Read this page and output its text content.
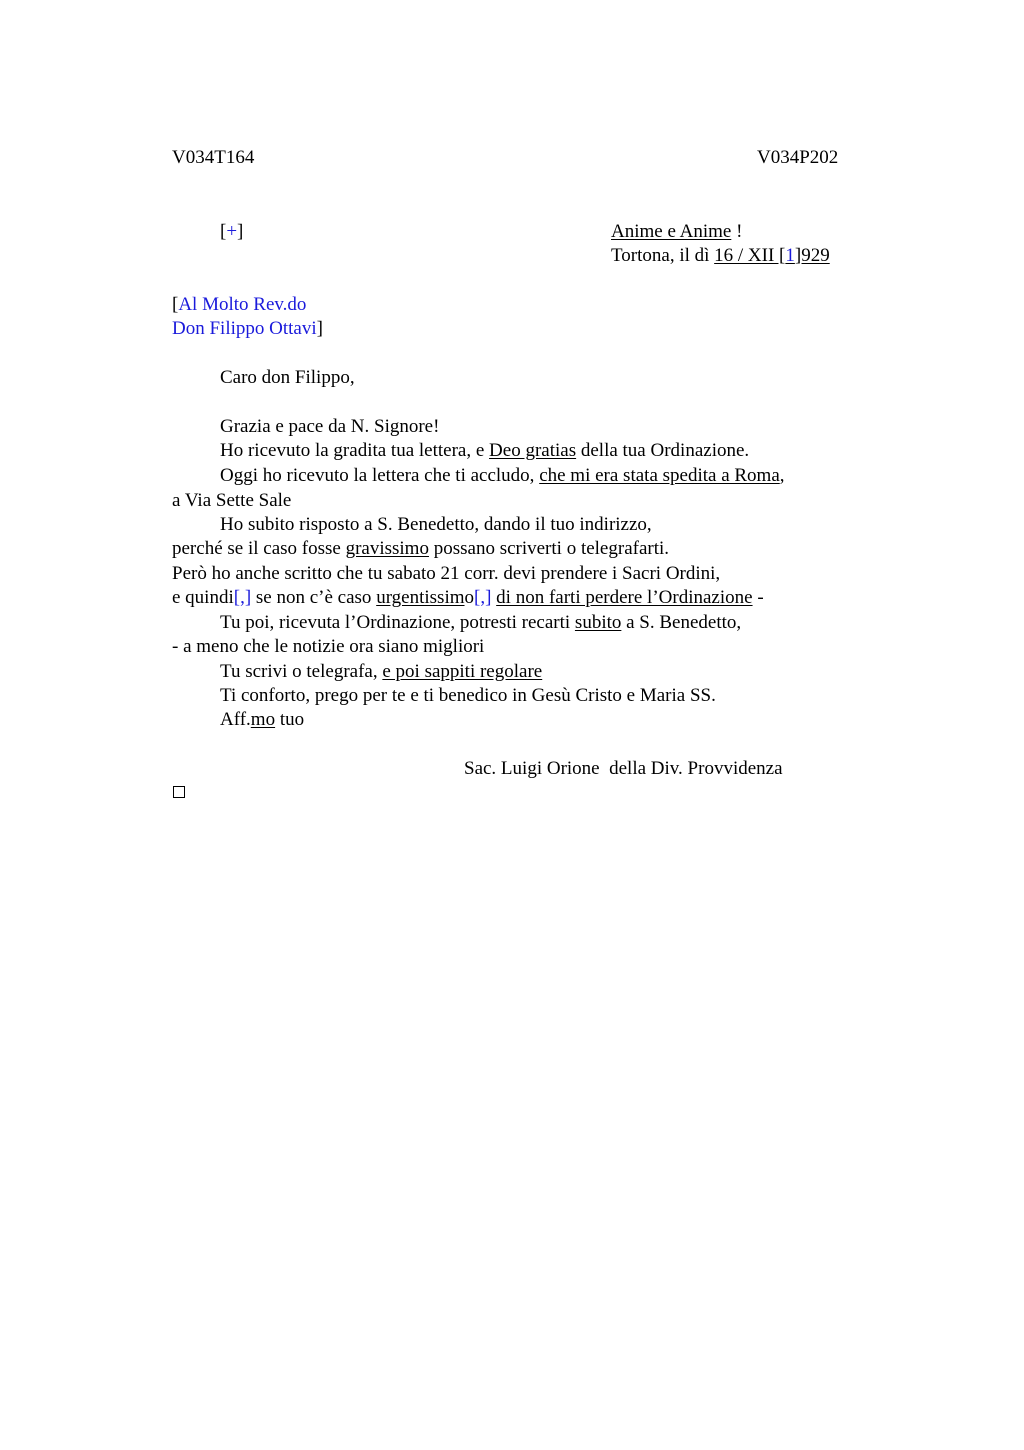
V034T164	V034P202
[+]	Anime e Anime !
Tortona, il dì 16 / XII [1]929
[Al Molto Rev.do
Don Filippo Ottavi]
Caro don Filippo,
Grazia e pace da N. Signore!
Ho ricevuto la gradita tua lettera, e Deo gratias della tua Ordinazione.
Oggi ho ricevuto la lettera che ti accludo, che mi era stata spedita a Roma,
a Via Sette Sale
Ho subito risposto a S. Benedetto, dando il tuo indirizzo,
perché se il caso fosse gravissimo possano scriverti o telegrafarti.
Però ho anche scritto che tu sabato 21 corr. devi prendere i Sacri Ordini,
e quindi[,] se non c’è caso urgentissimo[,] di non farti perdere l’Ordinazione -
Tu poi, ricevuta l’Ordinazione, potresti recarti subito a S. Benedetto,
- a meno che le notizie ora siano migliori
Tu scrivi o telegrafa, e poi sappiti regolare
Ti conforto, prego per te e ti benedico in Gesù Cristo e Maria SS.
Aff.mo tuo
Sac. Luigi Orione  della Div. Provvidenza
